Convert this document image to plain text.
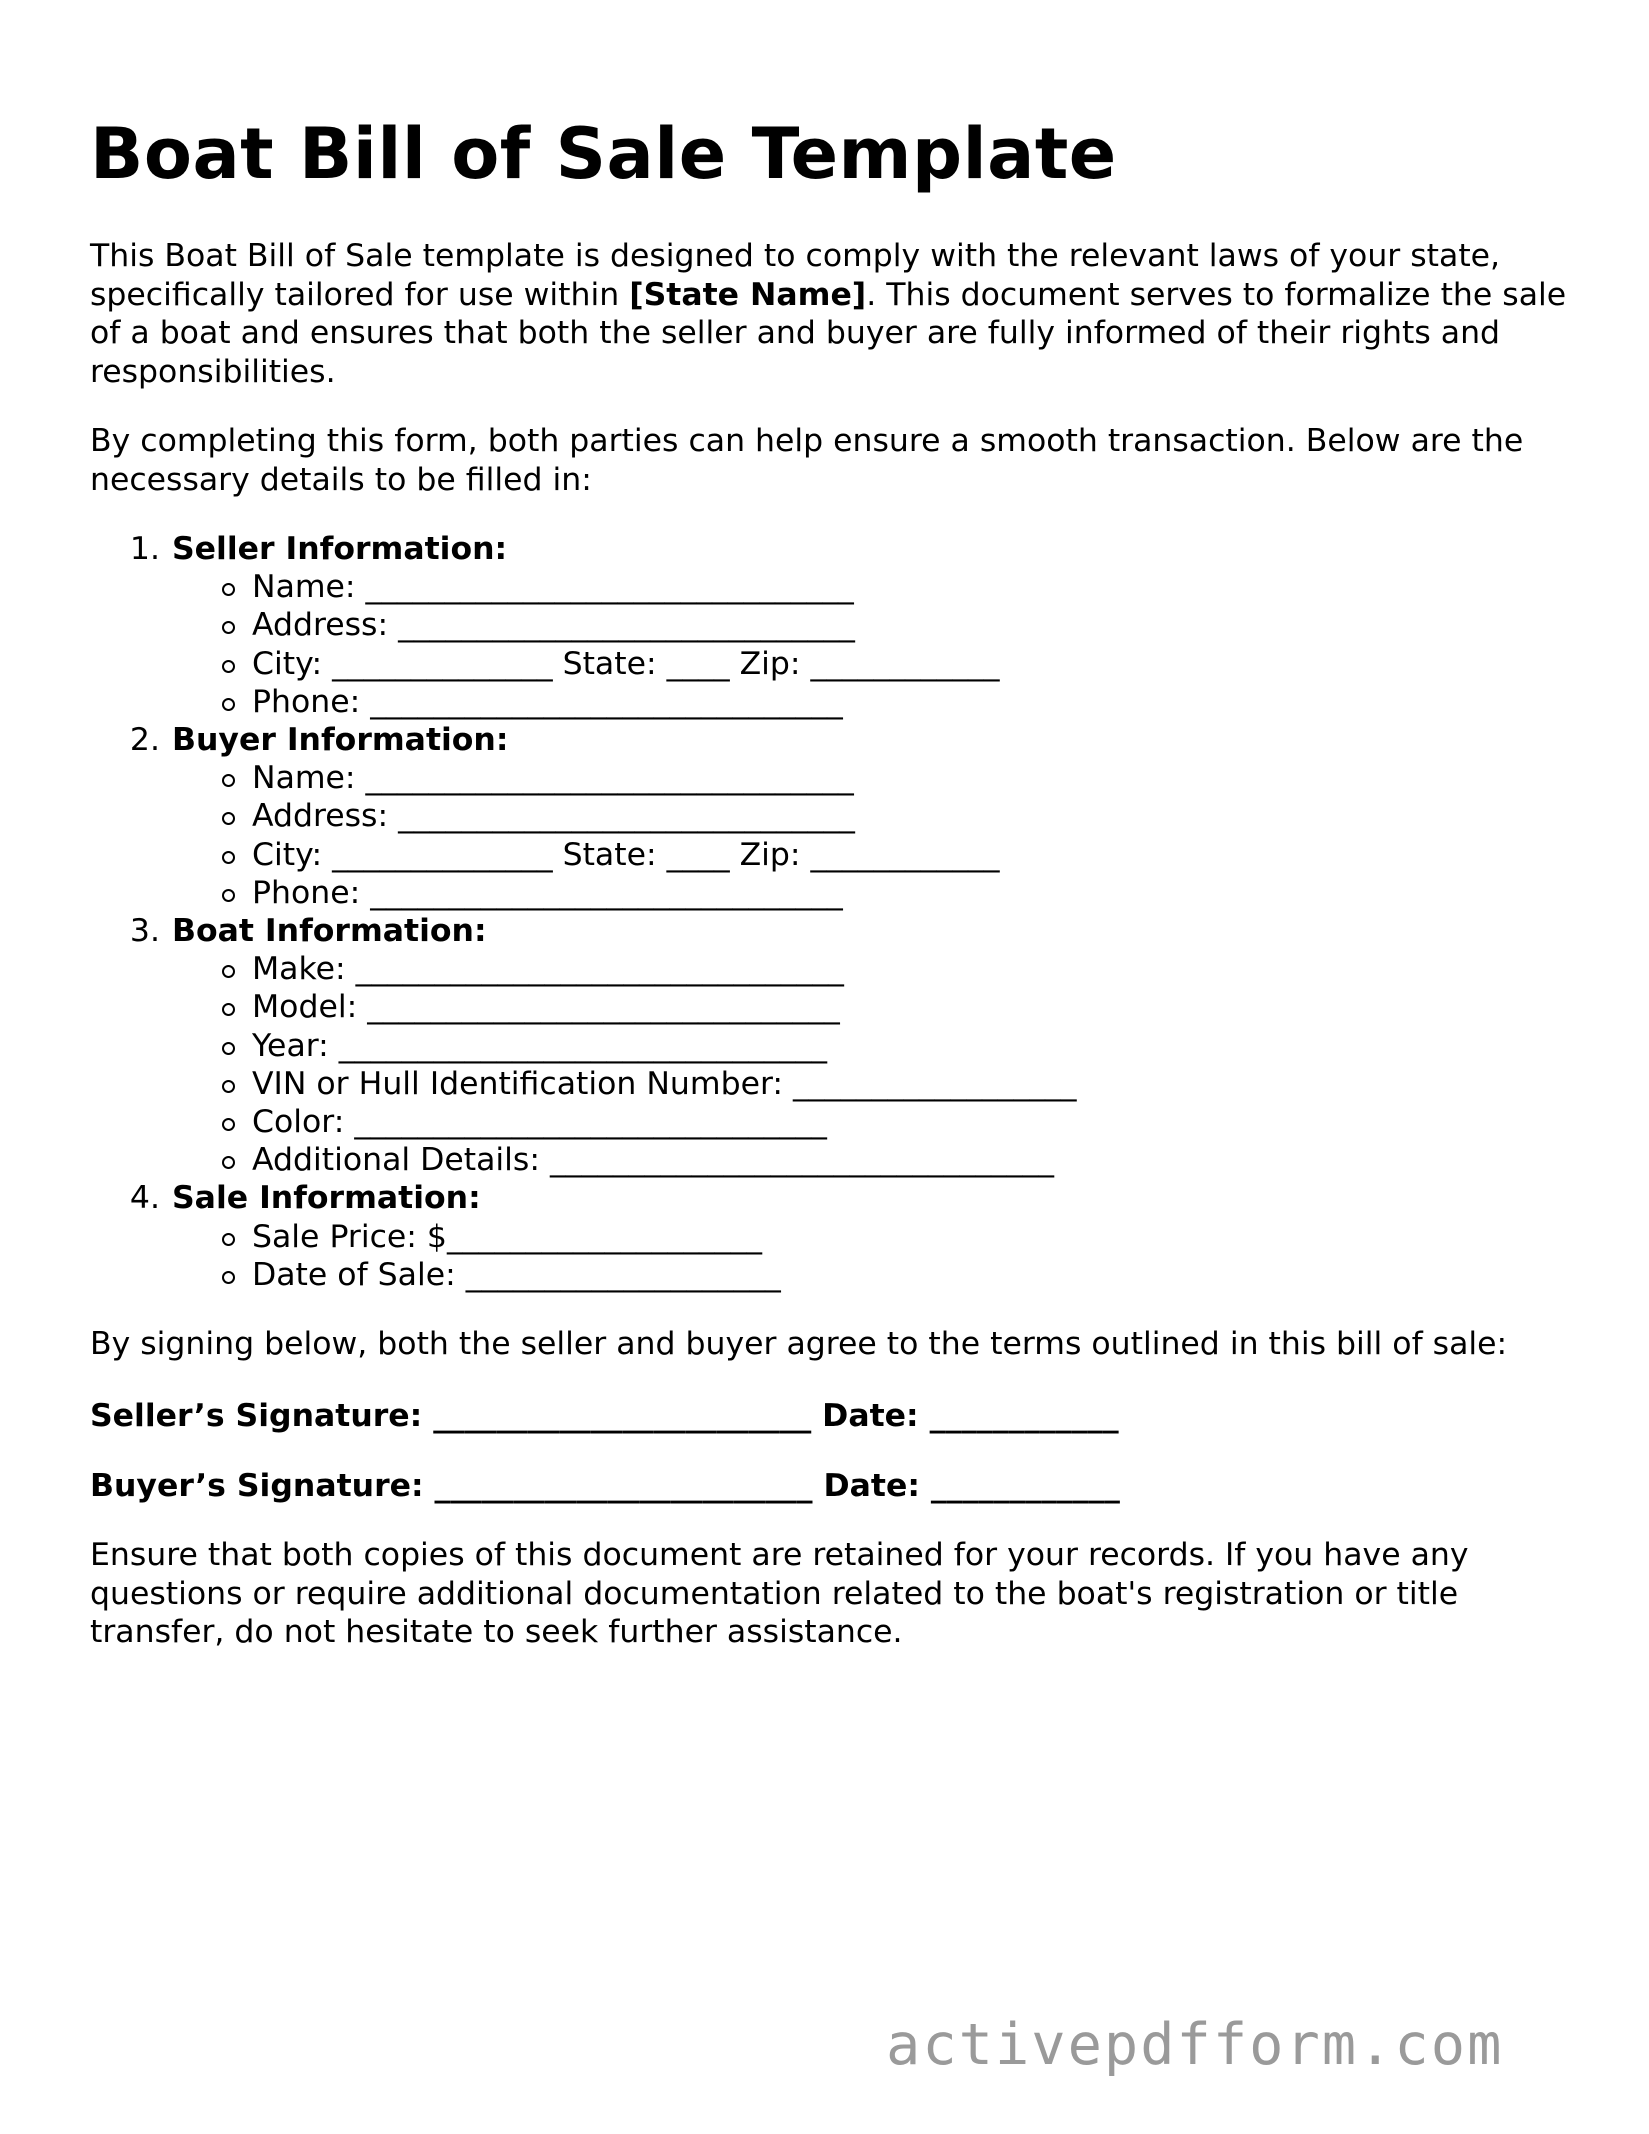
Boat Bill of Sale Template

This Boat Bill of Sale template is designed to comply with the relevant laws of your state, specifically tailored for use within [State Name]. This document serves to formalize the sale of a boat and ensures that both the seller and buyer are fully informed of their rights and responsibilities.

By completing this form, both parties can help ensure a smooth transaction. Below are the necessary details to be filled in:

1. Seller Information:
Name: _______________________________
Address: _____________________________
City: ______________ State: ____ Zip: ____________
Phone: ______________________________
2. Buyer Information:
Name: _______________________________
Address: _____________________________
City: ______________ State: ____ Zip: ____________
Phone: ______________________________
3. Boat Information:
Make: _______________________________
Model: ______________________________
Year: _______________________________
VIN or Hull Identification Number: __________________
Color: ______________________________
Additional Details: ________________________________
4. Sale Information:
Sale Price: $____________________
Date of Sale: ____________________

By signing below, both the seller and buyer agree to the terms outlined in this bill of sale:

Seller’s Signature: ________________________ Date: ____________
Buyer’s Signature: ________________________ Date: ____________

Ensure that both copies of this document are retained for your records. If you have any questions or require additional documentation related to the boat's registration or title transfer, do not hesitate to seek further assistance.

activepdfform.com
